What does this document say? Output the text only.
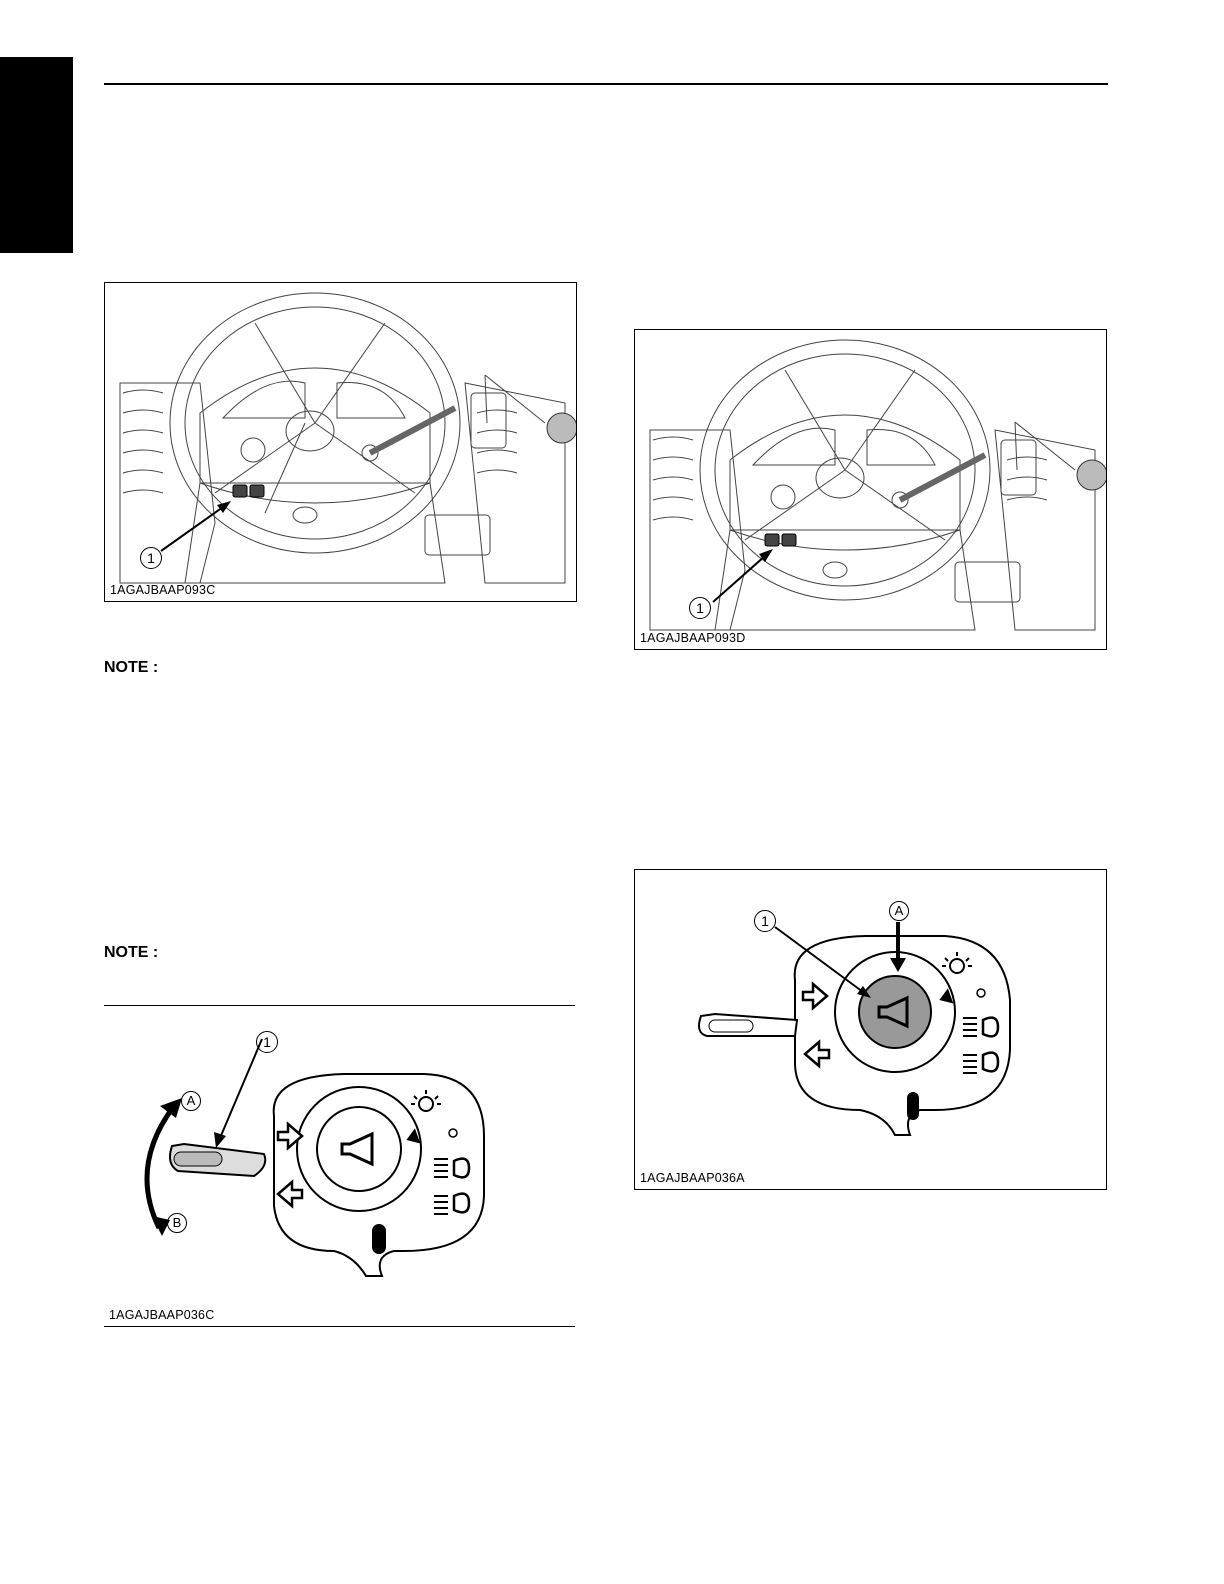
1
1AGAJBAAP093C
1
1AGAJBAAP093D
NOTE :
NOTE :
1
A
B
1AGAJBAAP036C
1
A
1AGAJBAAP036A
